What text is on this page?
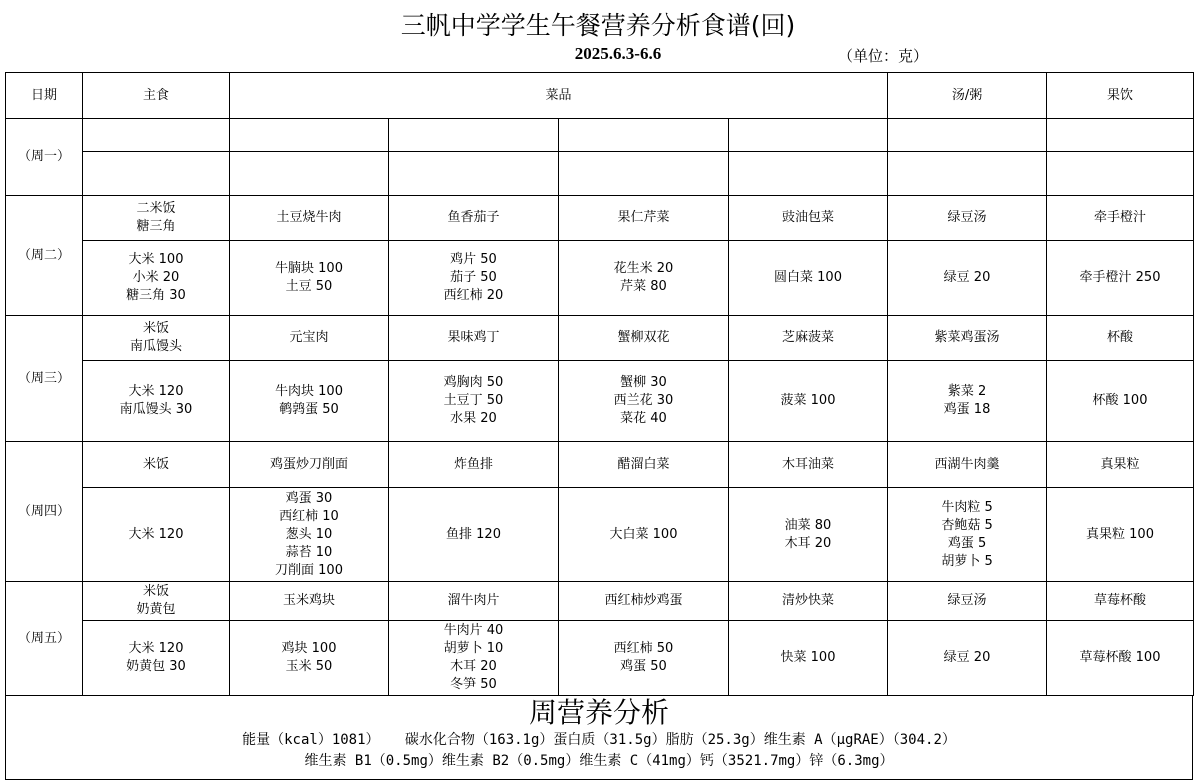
三帆中学学生午餐营养分析食谱(回)
2025.6.3-6.6	（单位：克）
日期	主食	菜品				汤/粥	果饮
（周一）							

（周二）	二米饭
糖三角	土豆烧牛肉	鱼香茄子	果仁芹菜	豉油包菜	绿豆汤	牵手橙汁
	大米 100
小米 20
糖三角 30	牛腩块 100
土豆 50	鸡片 50
茄子 50
西红柿 20	花生米 20
芹菜 80	圆白菜 100	绿豆 20	牵手橙汁 250
（周三）	米饭
南瓜馒头	元宝肉	果味鸡丁	蟹柳双花	芝麻菠菜	紫菜鸡蛋汤	杯酸
	大米 120
南瓜馒头 30	牛肉块 100
鹌鹑蛋 50	鸡胸肉 50
土豆丁 50
水果 20	蟹柳 30
西兰花 30
菜花 40	菠菜 100	紫菜 2
鸡蛋 18	杯酸 100
（周四）	米饭	鸡蛋炒刀削面	炸鱼排	醋溜白菜	木耳油菜	西湖牛肉羹	真果粒
	大米 120	鸡蛋 30
西红柿 10
葱头 10
蒜苔 10
刀削面 100	鱼排 120	大白菜 100	油菜 80
木耳 20	牛肉粒 5
杏鲍菇 5
鸡蛋 5
胡萝卜 5	真果粒 100
（周五）	米饭
奶黄包	玉米鸡块	溜牛肉片	西红柿炒鸡蛋	清炒快菜	绿豆汤	草莓杯酸
	大米 120
奶黄包 30	鸡块 100
玉米 50	牛肉片 40
胡萝卜 10
木耳 20
冬笋 50	西红柿 50
鸡蛋 50	快菜 100	绿豆 20	草莓杯酸 100
周营养分析
能量（kcal）1081） 碳水化合物（163.1g）蛋白质（31.5g）脂肪（25.3g）维生素 A（μgRAE）（304.2）
维生素 B1（0.5mg）维生素 B2（0.5mg）维生素 C（41mg）钙（3521.7mg）锌（6.3mg）
